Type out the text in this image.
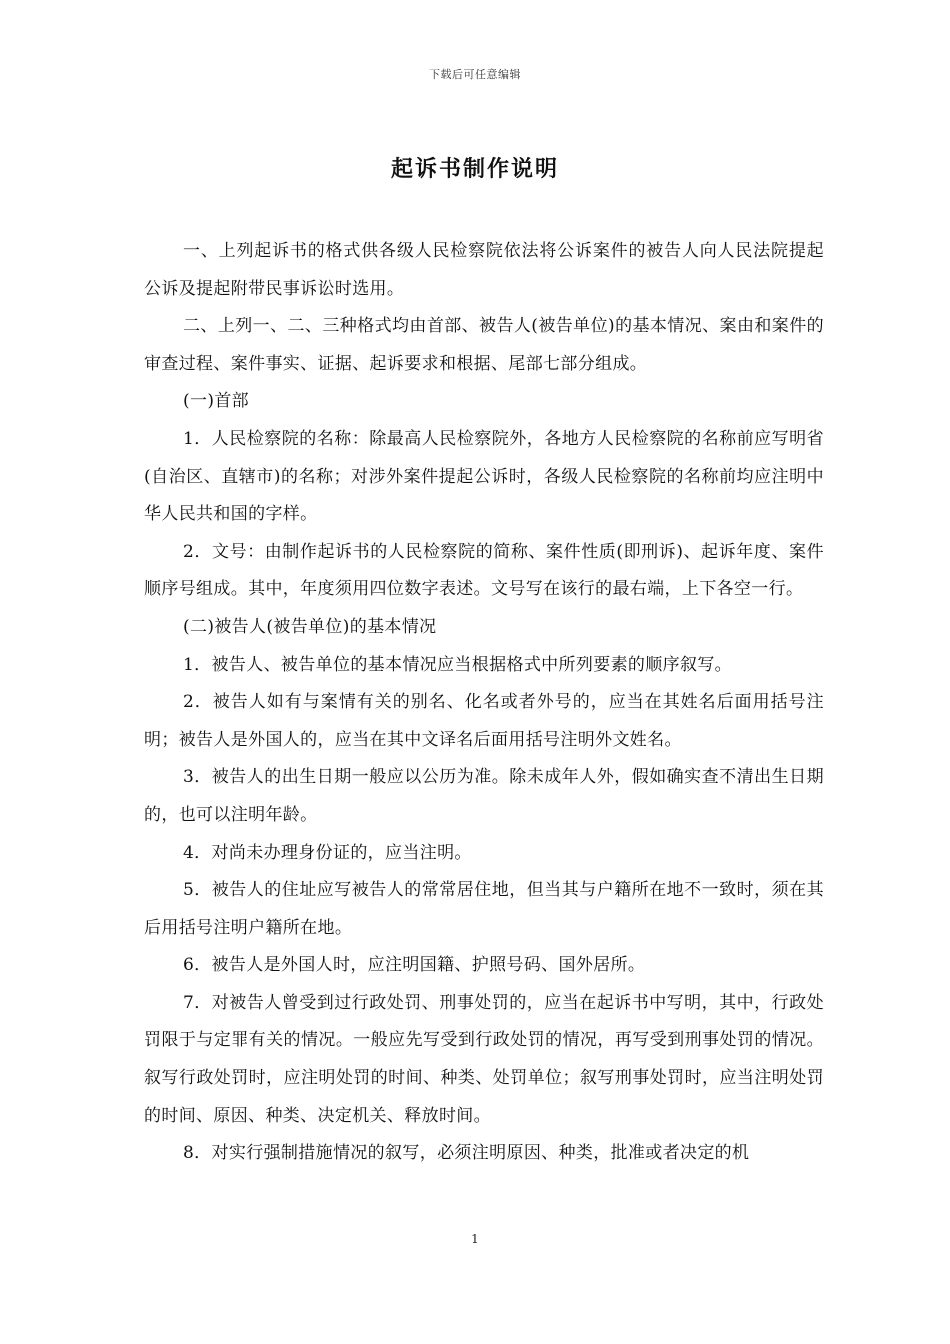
下载后可任意编辑
起诉书制作说明

一、上列起诉书的格式供各级人民检察院依法将公诉案件的被告人向人民法院提起公诉及提起附带民事诉讼时选用。

二、上列一、二、三种格式均由首部、被告人(被告单位)的基本情况、案由和案件的审查过程、案件事实、证据、起诉要求和根据、尾部七部分组成。

(一)首部

1．人民检察院的名称：除最高人民检察院外，各地方人民检察院的名称前应写明省(自治区、直辖市)的名称；对涉外案件提起公诉时，各级人民检察院的名称前均应注明中华人民共和国的字样。

2．文号：由制作起诉书的人民检察院的简称、案件性质(即刑诉)、起诉年度、案件顺序号组成。其中，年度须用四位数字表述。文号写在该行的最右端，上下各空一行。

(二)被告人(被告单位)的基本情况

1．被告人、被告单位的基本情况应当根据格式中所列要素的顺序叙写。

2．被告人如有与案情有关的别名、化名或者外号的，应当在其姓名后面用括号注明；被告人是外国人的，应当在其中文译名后面用括号注明外文姓名。

3．被告人的出生日期一般应以公历为准。除未成年人外，假如确实查不清出生日期的，也可以注明年龄。

4．对尚未办理身份证的，应当注明。

5．被告人的住址应写被告人的常常居住地，但当其与户籍所在地不一致时，须在其后用括号注明户籍所在地。

6．被告人是外国人时，应注明国籍、护照号码、国外居所。

7．对被告人曾受到过行政处罚、刑事处罚的，应当在起诉书中写明，其中，行政处罚限于与定罪有关的情况。一般应先写受到行政处罚的情况，再写受到刑事处罚的情况。叙写行政处罚时，应注明处罚的时间、种类、处罚单位；叙写刑事处罚时，应当注明处罚的时间、原因、种类、决定机关、释放时间。

8．对实行强制措施情况的叙写，必须注明原因、种类，批准或者决定的机

1
